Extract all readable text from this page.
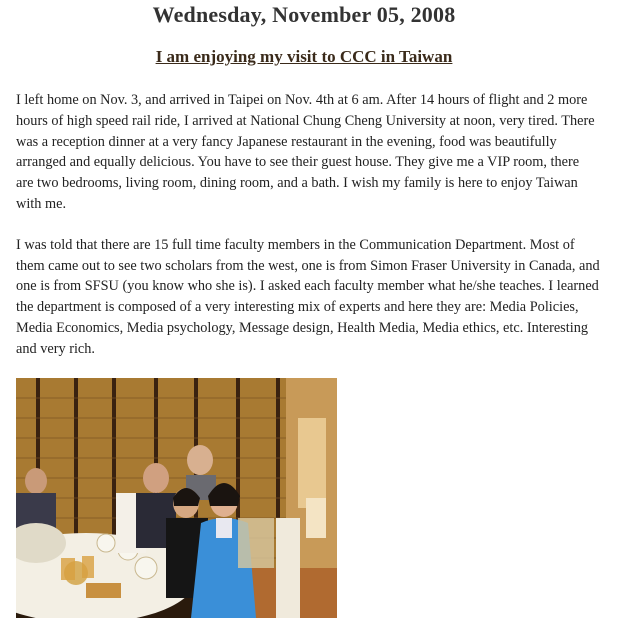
Wednesday, November 05, 2008
I am enjoying my visit to CCC in Taiwan

I left home on Nov. 3, and arrived in Taipei on Nov. 4th at 6 am. After 14 hours of flight and 2 more hours of high speed rail ride, I arrived at National Chung Cheng University at noon, very tired. There was a reception dinner at a very fancy Japanese restaurant in the evening, food was beautifully arranged and equally delicious. You have to see their guest house. They give me a VIP room, there are two bedrooms, living room, dining room, and a bath. I wish my family is here to enjoy Taiwan with me.

I was told that there are 15 full time faculty members in the Communication Department. Most of them came out to see two scholars from the west, one is from Simon Fraser University in Canada, and one is from SFSU (you know who she is). I asked each faculty member what he/she teaches. I learned the department is composed of a very interesting mix of experts and here they are: Media Policies, Media Economics, Media psychology, Message design, Health Media, Media ethics, etc. Interesting and very rich.
